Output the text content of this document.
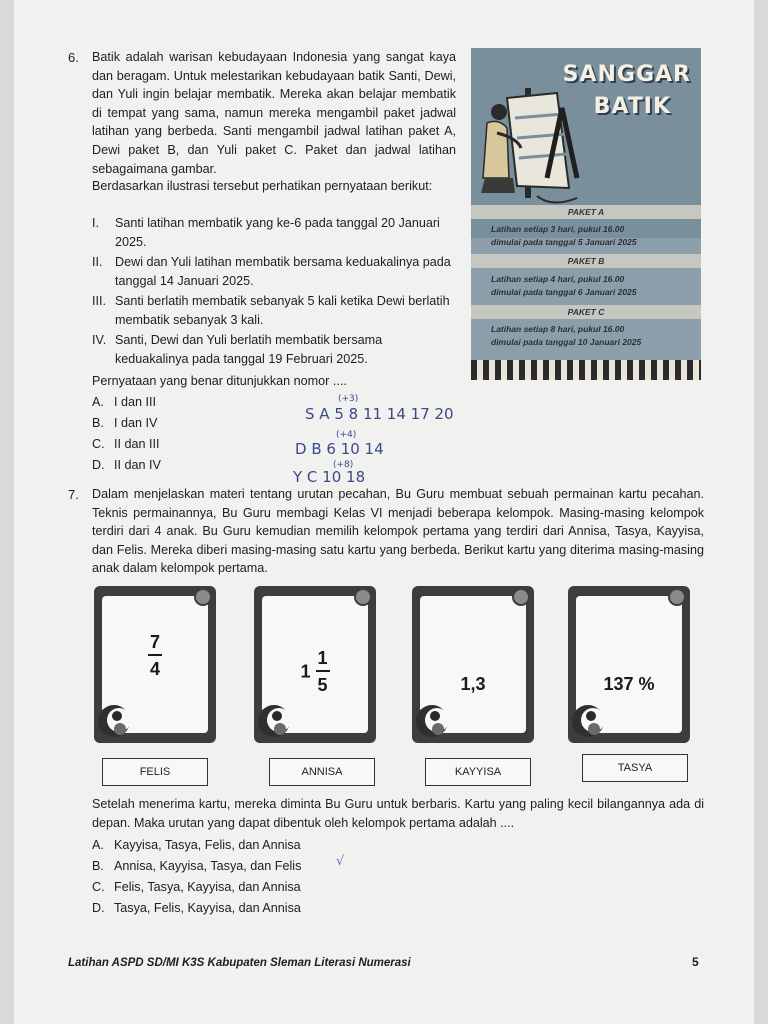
6. Batik adalah warisan kebudayaan Indonesia yang sangat kaya dan beragam. Untuk melestarikan kebudayaan batik Santi, Dewi, dan Yuli ingin belajar membatik. Mereka akan belajar membatik di tempat yang sama, namun mereka mengambil paket jadwal latihan yang berbeda. Santi mengambil jadwal latihan paket A, Dewi paket B, dan Yuli paket C. Paket dan jadwal latihan sebagaimana gambar.
Berdasarkan ilustrasi tersebut perhatikan pernyataan berikut:
I. Santi latihan membatik yang ke-6 pada tanggal 20 Januari 2025.
II. Dewi dan Yuli latihan membatik bersama keduakalinya pada tanggal 14 Januari 2025.
III. Santi berlatih membatik sebanyak 5 kali ketika Dewi berlatih membatik sebanyak 3 kali.
IV. Santi, Dewi dan Yuli berlatih membatik bersama keduakalinya pada tanggal 19 Februari 2025.
Pernyataan yang benar ditunjukkan nomor ....
A. I dan III
B. I dan IV
C. II dan III
D. II dan IV
S A 5 8 11 14 17 20
(+3)
D B 6 10 14
(+4)
Y C 10 18
(+8)
SANGGAR
BATIK
PAKET A
Latihan setiap 3 hari, pukul 16.00
dimulai pada tanggal 5 Januari 2025
PAKET B
Latihan setiap 4 hari, pukul 16.00
dimulai pada tanggal 6 Januari 2025
PAKET C
Latihan setiap 8 hari, pukul 16.00
dimulai pada tanggal 10 Januari 2025
7. Dalam menjelaskan materi tentang urutan pecahan, Bu Guru membuat sebuah permainan kartu pecahan. Teknis permainannya, Bu Guru membagi Kelas VI menjadi beberapa kelompok. Masing-masing kelompok terdiri dari 4 anak. Bu Guru kemudian memilih kelompok pertama yang terdiri dari Annisa, Tasya, Kayyisa, dan Felis. Mereka diberi masing-masing satu kartu yang berbeda. Berikut kartu yang diterima masing-masing anak dalam kelompok pertama.
$\frac{7}{4}$	$1 \frac{1}{5}$	1,3	137 %
FELIS	ANNISA	KAYYISA	TASYA
Setelah menerima kartu, mereka diminta Bu Guru untuk berbaris. Kartu yang paling kecil bilangannya ada di depan. Maka urutan yang dapat dibentuk oleh kelompok pertama adalah ....
A. Kayyisa, Tasya, Felis, dan Annisa
B. Annisa, Kayyisa, Tasya, dan Felis
C. Felis, Tasya, Kayyisa, dan Annisa
D. Tasya, Felis, Kayyisa, dan Annisa
√
Latihan ASPD SD/MI K3S Kabupaten Sleman Literasi Numerasi	5
